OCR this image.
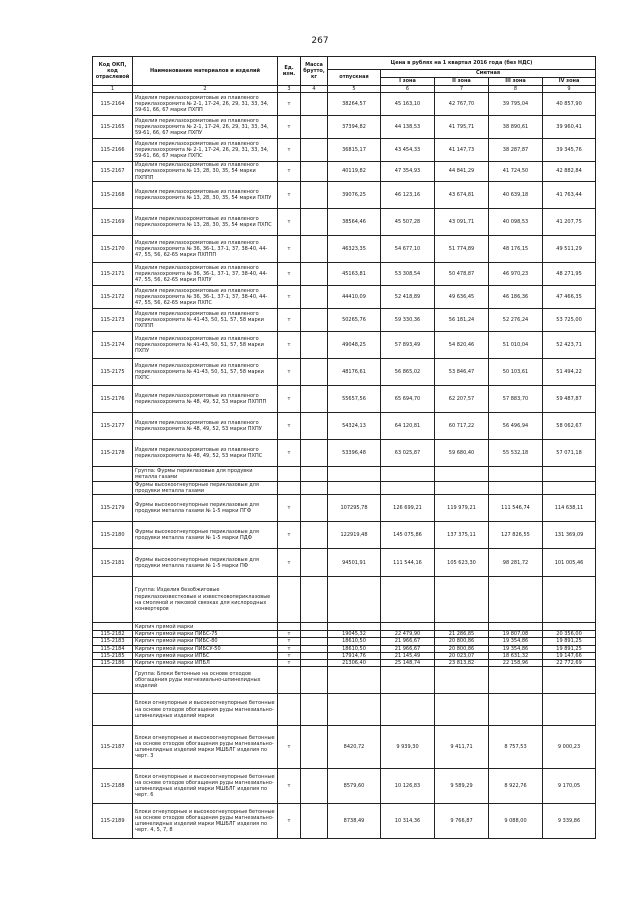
267
Код ОКП, код отраслевой	Наименование материалов и изделий	Ед. изм.	Масса брутто, кг	Цена в рублях на 1 квартал 2016 года (без НДС)				
				отпускная	Сметная			
					I зона	II зона	III зона	IV зона
1	2	3	4	5	6	7	8	9
115-2164	Изделия периклазохромитовые из плавленого периклазохромита № 2-1, 17-24, 26, 29, 31, 33, 34, 59-61, 66, 67 марки ПХПП	т		38264,57	45 163,10	42 767,70	39 795,04	40 857,90
115-2165	Изделия периклазохромитовые из плавленого периклазохромита № 2-1, 17-24, 26, 29, 31, 33, 34, 59-61, 66, 67 марки ПХПУ	т		37394,82	44 138,53	41 795,71	38 890,61	39 960,41
115-2166	Изделия периклазохромитовые из плавленого периклазохромита № 2-1, 17-24, 26, 29, 31, 33, 34, 59-61, 66, 67 марки ПХПС	т		36815,17	43 454,33	41 147,73	38 287,87	39 345,76
115-2167	Изделия периклазохромитовые из плавленого периклазохромита № 13, 28, 30, 35, 54 марки ПХППП	т		40119,82	47 354,93	44 841,29	41 724,50	42 882,84
115-2168	Изделия периклазохромитовые из плавленого периклазохромита № 13, 28, 30, 35, 54 марки ПХПУ	т		39076,25	46 123,16	43 674,81	40 639,18	41 763,44
115-2169	Изделия периклазохромитовые из плавленого периклазохромита № 13, 28, 30, 35, 54 марки ПХПС	т		38564,46	45 507,28	43 091,71	40 098,53	41 207,75
115-2170	Изделия периклазохромитовые из плавленого периклазохромита № 36, 36-1, 37-1, 37, 38-40, 44-47, 55, 56, 62-65 марки ПХППП	т		46323,35	54 677,10	51 774,89	48 176,15	49 511,29
115-2171	Изделия периклазохромитовые из плавленого периклазохромита № 36, 36-1, 37-1, 37, 38-40, 44-47, 55, 56, 62-65 марки ПХПУ	т		45163,81	53 308,54	50 478,87	46 970,23	48 271,95
115-2172	Изделия периклазохромитовые из плавленого периклазохромита № 36, 36-1, 37-1, 37, 38-40, 44-47, 55, 56, 62-65 марки ПХПС	т		44410,09	52 418,89	49 636,45	46 186,36	47 466,35
115-2173	Изделия периклазохромитовые из плавленого периклазохромита № 41-43, 50, 51, 57, 58 марки ПХППП	т		50265,76	59 330,36	56 181,24	52 276,24	53 725,00
115-2174	Изделия периклазохромитовые из плавленого периклазохромита № 41-43, 50, 51, 57, 58 марки ПХПУ	т		49048,25	57 893,49	54 820,46	51 010,04	52 423,71
115-2175	Изделия периклазохромитовые из плавленого периклазохромита № 41-43, 50, 51, 57, 58 марки ПХПС	т		48176,61	56 865,02	53 846,47	50 103,61	51 494,22
115-2176	Изделия периклазохромитовые из плавленого периклазохромита № 48, 49, 52, 53 марки ПХППП	т		55657,56	65 694,70	62 207,57	57 883,70	59 487,87
115-2177	Изделия периклазохромитовые из плавленого периклазохромита № 48, 49, 52, 53 марки ПХПУ	т		54324,13	64 120,81	60 717,22	56 496,94	58 062,67
115-2178	Изделия периклазохромитовые из плавленого периклазохромита № 48, 49, 52, 53 марки ПХПС	т		53396,48	63 025,87	59 680,40	55 532,18	57 071,18
	Группа: Фурмы периклазовые для продувки металла газами							
	Фурмы высокоогнеупорные периклазовые для продувки металла газами							
115-2179	Фурмы высокоогнеупорные периклазовые для продувки металла газами № 1-5 марки ПГФ	т		107295,78	126 699,21	119 979,21	111 546,74	114 638,11
115-2180	Фурмы высокоогнеупорные периклазовые для продувки металла газами № 1-5 марки ПДФ	т		122919,48	145 075,86	137 375,11	127 826,55	131 369,09
115-2181	Фурмы высокоогнеупорные периклазовые для продувки металла газами № 1-5 марки ПФ	т		94501,91	111 544,16	105 623,30	98 281,72	101 005,46
	Группа: Изделия безобжиговые периклазоизвестковые и известковопериклазовые на смоляной и пековой связках для кислородных конвертеров							
	Кирпич прямой марки							
115-2182	Кирпич прямой марки ПИБС-75	т		19045,32	22 479,90	21 286,85	19 807,08	20 356,00
115-2183	Кирпич прямой марки ПИБС-80	т		18610,50	21 966,67	20 800,86	19 354,86	19 891,25
115-2184	Кирпич прямой марки ПИБСУ-50	т		18610,50	21 966,67	20 800,86	19 354,86	19 891,25
115-2185	Кирпич прямой марки ИПБС	т		17914,76	21 145,49	20 023,07	18 631,32	19 147,66
115-2186	Кирпич прямой марки ИПБЛ	т		21306,40	25 148,74	23 813,82	22 158,96	22 772,69
	Группа: Блоки бетонные на основе отходов обогащения руды магнезиально-шпинелидных изделий							
	Блоки огнеупорные и высокоогнеупорные бетонные на основе отходов обогащения руды магнезиально-шпинелидных изделий марки							
115-2187	Блоки огнеупорные и высокоогнеупорные бетонные на основе отходов обогащения руды магнезиально-шпинелидных изделий марки МШБЛГ изделия по черт. 3	т		8420,72	9 939,30	9 411,71	8 757,53	9 000,23
115-2188	Блоки огнеупорные и высокоогнеупорные бетонные на основе отходов обогащения руды магнезиально-шпинелидных изделий марки МШБЛГ изделия по черт. 6	т		8579,60	10 126,83	9 589,29	8 922,76	9 170,05
115-2189	Блоки огнеупорные и высокоогнеупорные бетонные на основе отходов обогащения руды магнезиально-шпинелидных изделий марки МШБЛГ изделия по черт. 4, 5, 7, 8	т		8738,49	10 314,36	9 766,87	9 088,00	9 339,86
